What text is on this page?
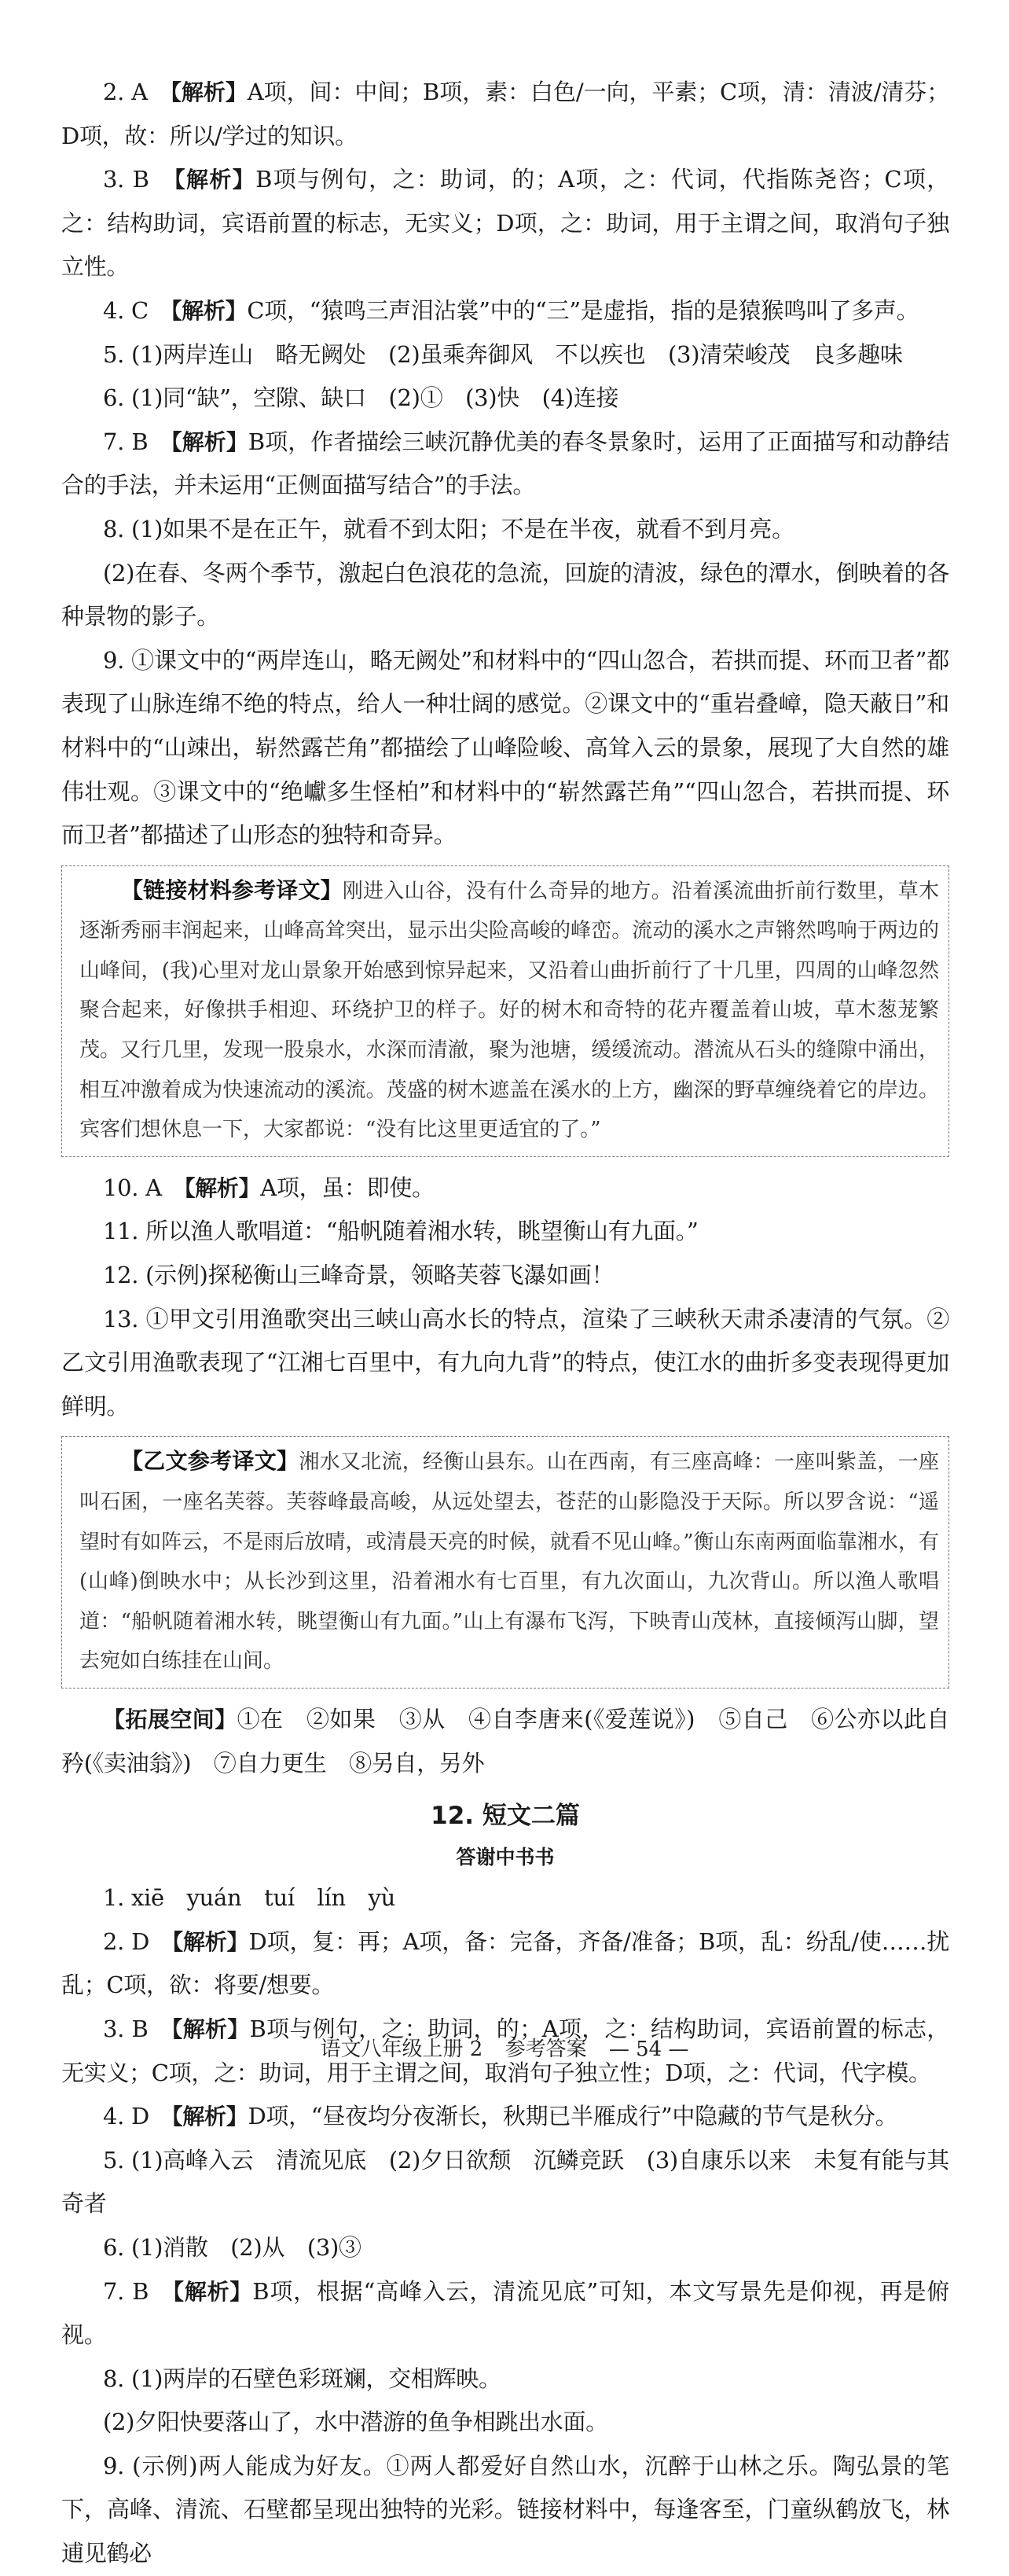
2. A　【解析】A项，间：中间；B项，素：白色/一向，平素；C项，清：清波/清芬；D项，故：所以/学过的知识。

3. B　【解析】B项与例句，之：助词，的；A项，之：代词，代指陈尧咨；C项，之：结构助词，宾语前置的标志，无实义；D项，之：助词，用于主谓之间，取消句子独立性。

4. C　【解析】C项，“猿鸣三声泪沾裳”中的“三”是虚指，指的是猿猴鸣叫了多声。

5. (1)两岸连山　略无阙处　(2)虽乘奔御风　不以疾也　(3)清荣峻茂　良多趣味

6. (1)同“缺”，空隙、缺口　(2)①　(3)快　(4)连接

7. B　【解析】B项，作者描绘三峡沉静优美的春冬景象时，运用了正面描写和动静结合的手法，并未运用“正侧面描写结合”的手法。

8. (1)如果不是在正午，就看不到太阳；不是在半夜，就看不到月亮。

(2)在春、冬两个季节，激起白色浪花的急流，回旋的清波，绿色的潭水，倒映着的各种景物的影子。

9. ①课文中的“两岸连山，略无阙处”和材料中的“四山忽合，若拱而提、环而卫者”都表现了山脉连绵不绝的特点，给人一种壮阔的感觉。②课文中的“重岩叠嶂，隐天蔽日”和材料中的“山竦出，崭然露芒角”都描绘了山峰险峻、高耸入云的景象，展现了大自然的雄伟壮观。③课文中的“绝巘多生怪柏”和材料中的“崭然露芒角”“四山忽合，若拱而提、环而卫者”都描述了山形态的独特和奇异。

【链接材料参考译文】刚进入山谷，没有什么奇异的地方。沿着溪流曲折前行数里，草木逐渐秀丽丰润起来，山峰高耸突出，显示出尖险高峻的峰峦。流动的溪水之声锵然鸣响于两边的山峰间，(我)心里对龙山景象开始感到惊异起来，又沿着山曲折前行了十几里，四周的山峰忽然聚合起来，好像拱手相迎、环绕护卫的样子。好的树木和奇特的花卉覆盖着山坡，草木葱茏繁茂。又行几里，发现一股泉水，水深而清澈，聚为池塘，缓缓流动。潜流从石头的缝隙中涌出，相互冲激着成为快速流动的溪流。茂盛的树木遮盖在溪水的上方，幽深的野草缠绕着它的岸边。宾客们想休息一下，大家都说：“没有比这里更适宜的了。”

10. A　【解析】A项，虽：即使。

11. 所以渔人歌唱道：“船帆随着湘水转，眺望衡山有九面。”

12. (示例)探秘衡山三峰奇景，领略芙蓉飞瀑如画！

13. ①甲文引用渔歌突出三峡山高水长的特点，渲染了三峡秋天肃杀凄清的气氛。②乙文引用渔歌表现了“江湘七百里中，有九向九背”的特点，使江水的曲折多变表现得更加鲜明。

【乙文参考译文】湘水又北流，经衡山县东。山在西南，有三座高峰：一座叫紫盖，一座叫石囷，一座名芙蓉。芙蓉峰最高峻，从远处望去，苍茫的山影隐没于天际。所以罗含说：“遥望时有如阵云，不是雨后放晴，或清晨天亮的时候，就看不见山峰。”衡山东南两面临靠湘水，有(山峰)倒映水中；从长沙到这里，沿着湘水有七百里，有九次面山，九次背山。所以渔人歌唱道：“船帆随着湘水转，眺望衡山有九面。”山上有瀑布飞泻，下映青山茂林，直接倾泻山脚，望去宛如白练挂在山间。

【拓展空间】①在　②如果　③从　④自李唐来(《爱莲说》)　⑤自己　⑥公亦以此自矜(《卖油翁》)　⑦自力更生　⑧另自，另外

12. 短文二篇

答谢中书书

1. xiē　yuán　tuí　lín　yù

2. D　【解析】D项，复：再；A项，备：完备，齐备/准备；B项，乱：纷乱/使……扰乱；C项，欲：将要/想要。

3. B　【解析】B项与例句，之：助词，的；A项，之：结构助词，宾语前置的标志，无实义；C项，之：助词，用于主谓之间，取消句子独立性；D项，之：代词，代字模。

4. D　【解析】D项，“昼夜均分夜渐长，秋期已半雁成行”中隐藏的节气是秋分。

5. (1)高峰入云　清流见底　(2)夕日欲颓　沉鳞竞跃　(3)自康乐以来　未复有能与其奇者

6. (1)消散　(2)从　(3)③

7. B　【解析】B项，根据“高峰入云，清流见底”可知，本文写景先是仰视，再是俯视。

8. (1)两岸的石壁色彩斑斓，交相辉映。

(2)夕阳快要落山了，水中潜游的鱼争相跳出水面。

9. (示例)两人能成为好友。①两人都爱好自然山水，沉醉于山林之乐。陶弘景的笔下，高峰、清流、石壁都呈现出独特的光彩。链接材料中，每逢客至，门童纵鹤放飞，林逋见鹤必

语文八年级上册 2 参考答案 — 54 —
